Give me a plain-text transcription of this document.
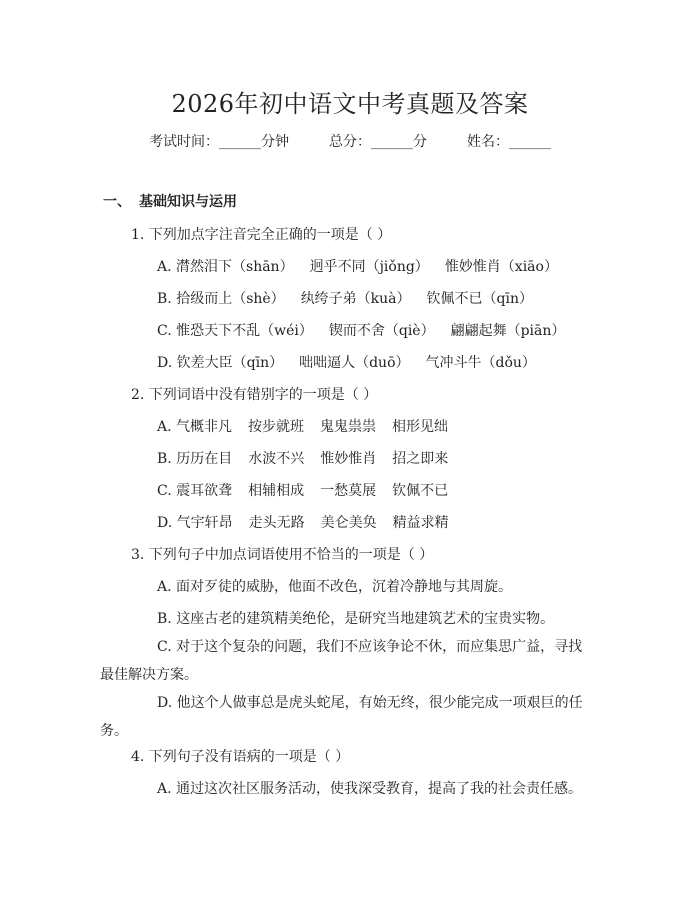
2026年初中语文中考真题及答案
考试时间：______分钟	总分：______分	姓名：______
一、 基础知识与运用
1. 下列加点字注音完全正确的一项是（ ）
A. 潸然泪下（shān） 迥乎不同（jiǒng） 惟妙惟肖（xiāo）
B. 拾级而上（shè） 纨绔子弟（kuà） 钦佩不已（qīn）
C. 惟恐天下不乱（wéi） 锲而不舍（qiè） 翩翩起舞（piān）
D. 钦差大臣（qīn） 咄咄逼人（duō） 气冲斗牛（dǒu）
2. 下列词语中没有错别字的一项是（ ）
A. 气概非凡 按步就班 鬼鬼祟祟 相形见绌
B. 历历在目 水波不兴 惟妙惟肖 招之即来
C. 震耳欲聋 相辅相成 一愁莫展 钦佩不已
D. 气宇轩昂 走头无路 美仑美奂 精益求精
3. 下列句子中加点词语使用不恰当的一项是（ ）
A. 面对歹徒的威胁，他面不改色，沉着冷静地与其周旋。
B. 这座古老的建筑精美绝伦，是研究当地建筑艺术的宝贵实物。
C. 对于这个复杂的问题，我们不应该争论不休，而应集思广益，寻找最佳解决方案。
D. 他这个人做事总是虎头蛇尾，有始无终，很少能完成一项艰巨的任务。
4. 下列句子没有语病的一项是（ ）
A. 通过这次社区服务活动，使我深受教育，提高了我的社会责任感。
